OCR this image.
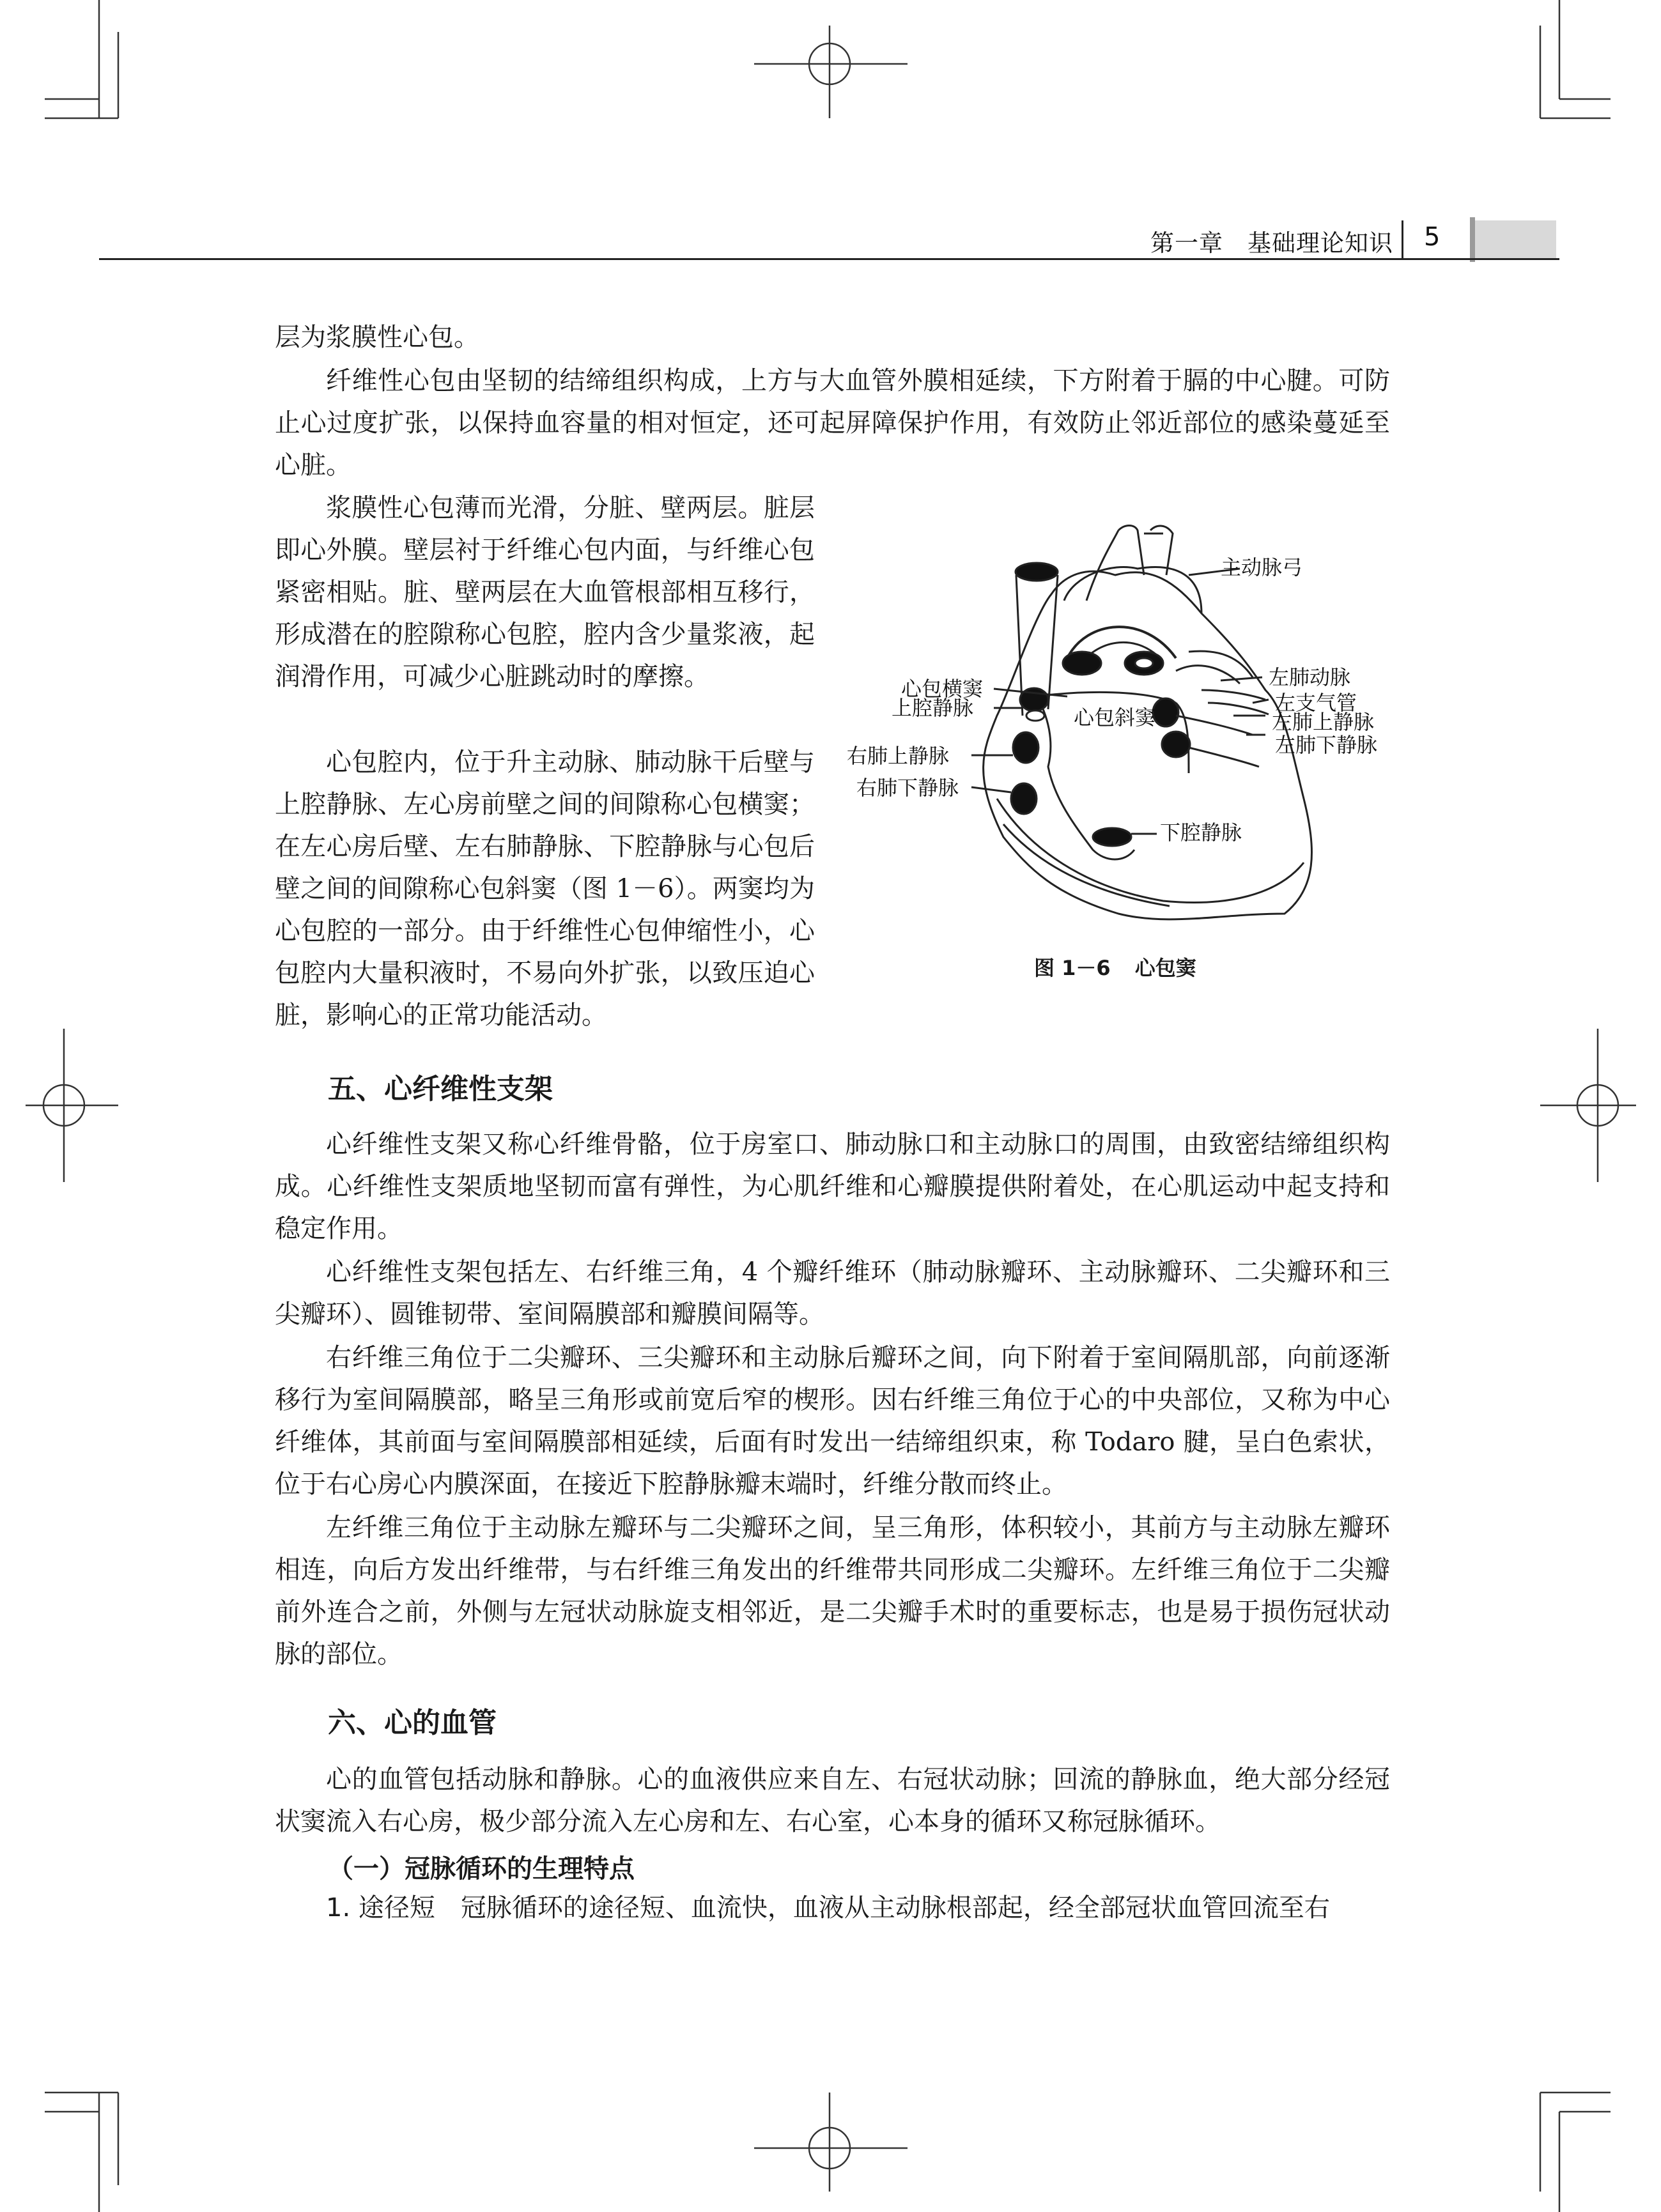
第一章　基础理论知识 5

层为浆膜性心包。

纤维性心包由坚韧的结缔组织构成，上方与大血管外膜相延续，下方附着于膈的中心腱。可防止心过度扩张，以保持血容量的相对恒定，还可起屏障保护作用，有效防止邻近部位的感染蔓延至心脏。

浆膜性心包薄而光滑，分脏、壁两层。脏层即心外膜。壁层衬于纤维心包内面，与纤维心包紧密相贴。脏、壁两层在大血管根部相互移行，形成潜在的腔隙称心包腔，腔内含少量浆液，起润滑作用，可减少心脏跳动时的摩擦。

心包腔内，位于升主动脉、肺动脉干后壁与上腔静脉、左心房前壁之间的间隙称心包横窦；在左心房后壁、左右肺静脉、下腔静脉与心包后壁之间的间隙称心包斜窦（图 1－6）。两窦均为心包腔的一部分。由于纤维性心包伸缩性小，心包腔内大量积液时，不易向外扩张，以致压迫心脏，影响心的正常功能活动。

五、心纤维性支架

心纤维性支架又称心纤维骨骼，位于房室口、肺动脉口和主动脉口的周围，由致密结缔组织构成。心纤维性支架质地坚韧而富有弹性，为心肌纤维和心瓣膜提供附着处，在心肌运动中起支持和稳定作用。

心纤维性支架包括左、右纤维三角，4 个瓣纤维环（肺动脉瓣环、主动脉瓣环、二尖瓣环和三尖瓣环）、圆锥韧带、室间隔膜部和瓣膜间隔等。

右纤维三角位于二尖瓣环、三尖瓣环和主动脉后瓣环之间，向下附着于室间隔肌部，向前逐渐移行为室间隔膜部，略呈三角形或前宽后窄的楔形。因右纤维三角位于心的中央部位，又称为中心纤维体，其前面与室间隔膜部相延续，后面有时发出一结缔组织束，称 Todaro 腱，呈白色索状，位于右心房心内膜深面，在接近下腔静脉瓣末端时，纤维分散而终止。

左纤维三角位于主动脉左瓣环与二尖瓣环之间，呈三角形，体积较小，其前方与主动脉左瓣环相连，向后方发出纤维带，与右纤维三角发出的纤维带共同形成二尖瓣环。左纤维三角位于二尖瓣前外连合之前，外侧与左冠状动脉旋支相邻近，是二尖瓣手术时的重要标志，也是易于损伤冠状动脉的部位。

六、心的血管

心的血管包括动脉和静脉。心的血液供应来自左、右冠状动脉；回流的静脉血，绝大部分经冠状窦流入右心房，极少部分流入左心房和左、右心室，心本身的循环又称冠脉循环。

（一）冠脉循环的生理特点

1. 途径短 冠脉循环的途径短、血流快，血液从主动脉根部起，经全部冠状血管回流至右

主动脉弓
左肺动脉
左支气管
左肺上静脉
左肺下静脉
心包横窦
上腔静脉	心包斜窦
右肺上静脉
右肺下静脉
下腔静脉
图 1－6 心包窦
